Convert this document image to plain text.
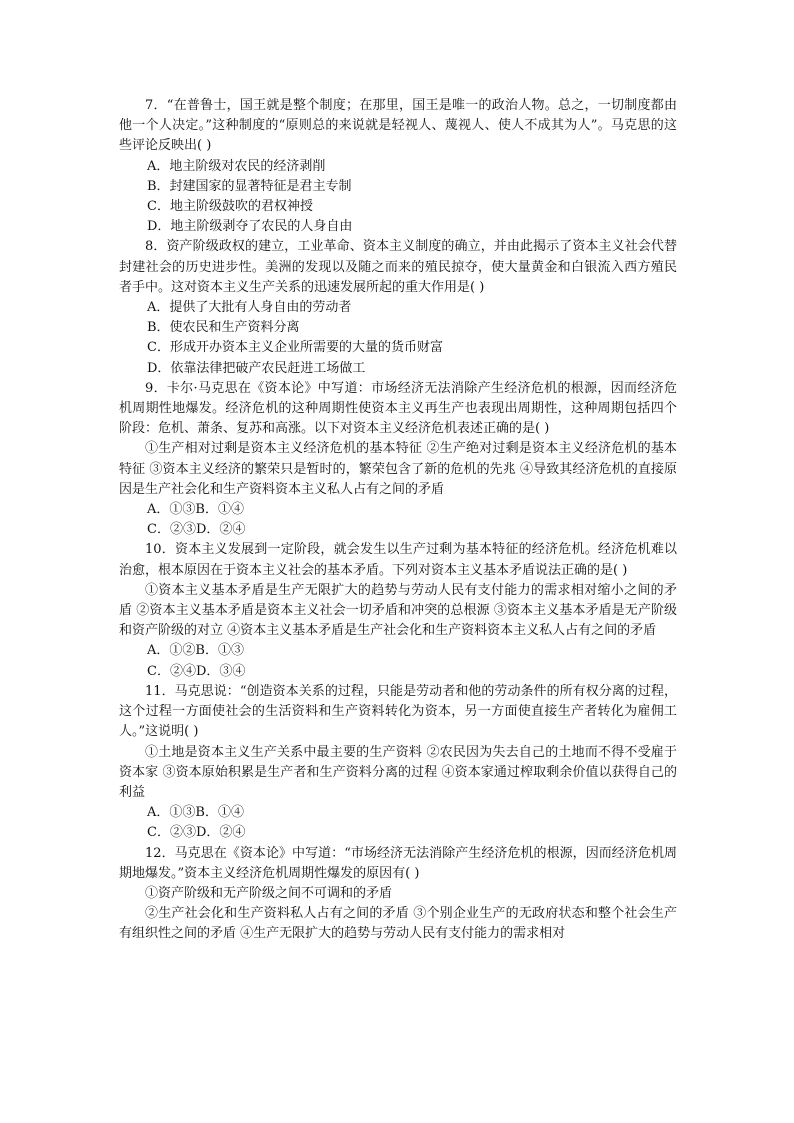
7．“在普鲁士，国王就是整个制度；在那里，国王是唯一的政治人物。总之，一切制度都由他一个人决定。”这种制度的“原则总的来说就是轻视人、蔑视人、使人不成其为人”。马克思的这些评论反映出( )

A．地主阶级对农民的经济剥削

B．封建国家的显著特征是君主专制

C．地主阶级鼓吹的君权神授

D．地主阶级剥夺了农民的人身自由

8．资产阶级政权的建立，工业革命、资本主义制度的确立，并由此揭示了资本主义社会代替封建社会的历史进步性。美洲的发现以及随之而来的殖民掠夺，使大量黄金和白银流入西方殖民者手中。这对资本主义生产关系的迅速发展所起的重大作用是( )

A．提供了大批有人身自由的劳动者

B．使农民和生产资料分离

C．形成开办资本主义企业所需要的大量的货币财富

D．依靠法律把破产农民赶进工场做工

9．卡尔·马克思在《资本论》中写道：市场经济无法消除产生经济危机的根源，因而经济危机周期性地爆发。经济危机的这种周期性使资本主义再生产也表现出周期性，这种周期包括四个阶段：危机、萧条、复苏和高涨。以下对资本主义经济危机表述正确的是( )

①生产相对过剩是资本主义经济危机的基本特征 ②生产绝对过剩是资本主义经济危机的基本特征 ③资本主义经济的繁荣只是暂时的，繁荣包含了新的危机的先兆 ④导致其经济危机的直接原因是生产社会化和生产资料资本主义私人占有之间的矛盾

A．①③B．①④

C．②③D．②④

10．资本主义发展到一定阶段，就会发生以生产过剩为基本特征的经济危机。经济危机难以治愈，根本原因在于资本主义社会的基本矛盾。下列对资本主义基本矛盾说法正确的是( )

①资本主义基本矛盾是生产无限扩大的趋势与劳动人民有支付能力的需求相对缩小之间的矛盾 ②资本主义基本矛盾是资本主义社会一切矛盾和冲突的总根源 ③资本主义基本矛盾是无产阶级和资产阶级的对立 ④资本主义基本矛盾是生产社会化和生产资料资本主义私人占有之间的矛盾

A．①②B．①③

C．②④D．③④

11．马克思说：“创造资本关系的过程，只能是劳动者和他的劳动条件的所有权分离的过程，这个过程一方面使社会的生活资料和生产资料转化为资本，另一方面使直接生产者转化为雇佣工人。”这说明( )

①土地是资本主义生产关系中最主要的生产资料 ②农民因为失去自己的土地而不得不受雇于资本家 ③资本原始积累是生产者和生产资料分离的过程 ④资本家通过榨取剩余价值以获得自己的利益

A．①③B．①④

C．②③D．②④

12．马克思在《资本论》中写道：“市场经济无法消除产生经济危机的根源，因而经济危机周期地爆发。”资本主义经济危机周期性爆发的原因有( )

①资产阶级和无产阶级之间不可调和的矛盾

②生产社会化和生产资料私人占有之间的矛盾 ③个别企业生产的无政府状态和整个社会生产有组织性之间的矛盾 ④生产无限扩大的趋势与劳动人民有支付能力的需求相对
